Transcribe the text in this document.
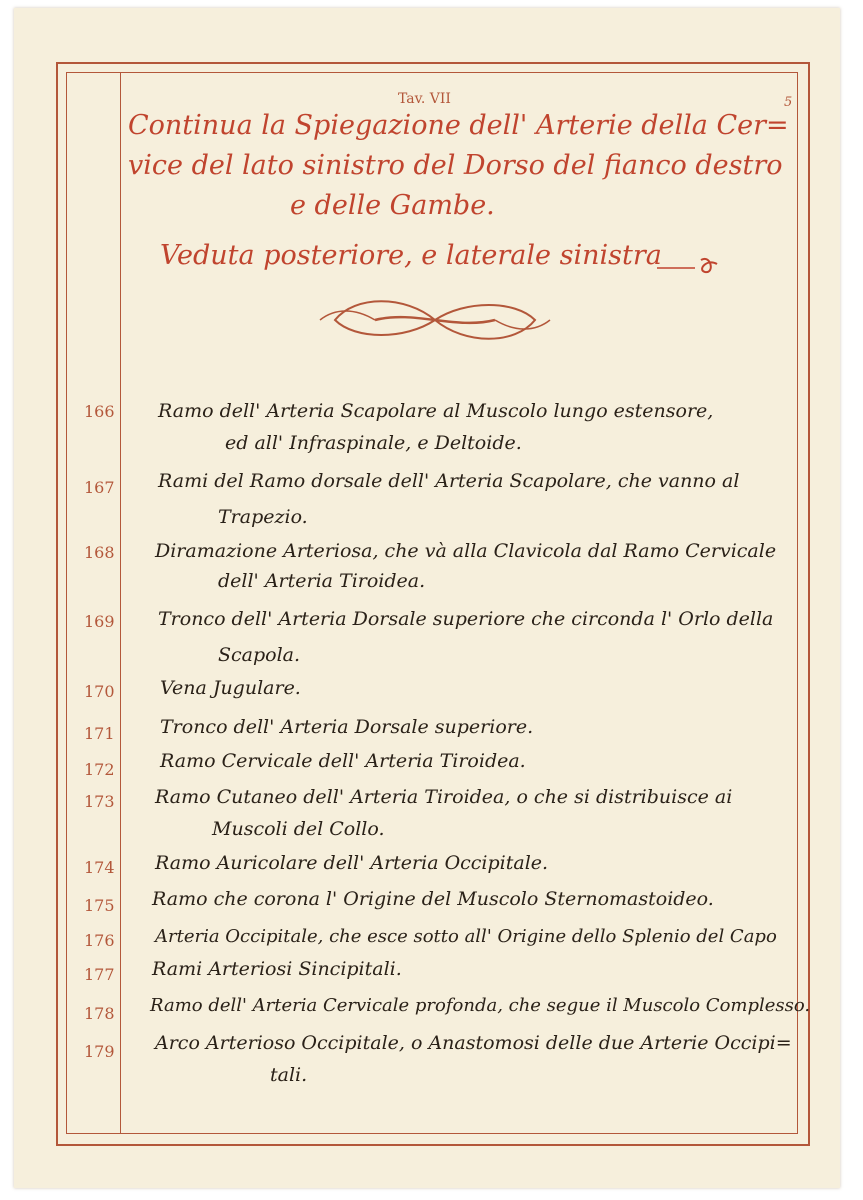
Tav. VII	5
Continua la Spiegazione dell' Arterie della Cer=
vice del lato sinistro del Dorso del fianco destro
e delle Gambe.
Veduta posteriore, e laterale sinistra
166 Ramo dell' Arteria Scapolare al Muscolo lungo estensore,
ed all' Infraspinale, e Deltoide.
167 Rami del Ramo dorsale dell' Arteria Scapolare, che vanno al
Trapezio.
168 Diramazione Arteriosa, che và alla Clavicola dal Ramo Cervicale
dell' Arteria Tiroidea.
169 Tronco dell' Arteria Dorsale superiore che circonda l' Orlo della
Scapola.
170 Vena Jugulare.
171 Tronco dell' Arteria Dorsale superiore.
172 Ramo Cervicale dell' Arteria Tiroidea.
173 Ramo Cutaneo dell' Arteria Tiroidea, o che si distribuisce ai
Muscoli del Collo.
174 Ramo Auricolare dell' Arteria Occipitale.
175 Ramo che corona l' Origine del Muscolo Sternomastoideo.
176 Arteria Occipitale, che esce sotto all' Origine dello Splenio del Capo
177 Rami Arteriosi Sincipitali.
178 Ramo dell' Arteria Cervicale profonda, che segue il Muscolo Complesso.
179 Arco Arterioso Occipitale, o Anastomosi delle due Arterie Occipi=
tali.
